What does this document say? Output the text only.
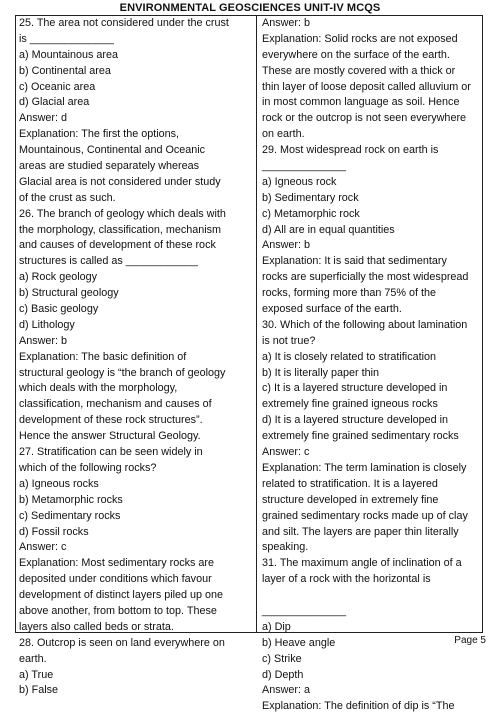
ENVIRONMENTAL GEOSCIENCES UNIT-IV MCQS
25. The area not considered under the crust
is ______________
a) Mountainous area
b) Continental area
c) Oceanic area
d) Glacial area
Answer: d
Explanation: The first the options,
Mountainous, Continental and Oceanic
areas are studied separately whereas
Glacial area is not considered under study
of the crust as such.
26. The branch of geology which deals with
the morphology, classification, mechanism
and causes of development of these rock
structures is called as ____________
a) Rock geology
b) Structural geology
c) Basic geology
d) Lithology
Answer: b
Explanation: The basic definition of
structural geology is “the branch of geology
which deals with the morphology,
classification, mechanism and causes of
development of these rock structures”.
Hence the answer Structural Geology.
27. Stratification can be seen widely in
which of the following rocks?
a) Igneous rocks
b) Metamorphic rocks
c) Sedimentary rocks
d) Fossil rocks
Answer: c
Explanation: Most sedimentary rocks are
deposited under conditions which favour
development of distinct layers piled up one
above another, from bottom to top. These
layers also called beds or strata.
28. Outcrop is seen on land everywhere on
earth.
a) True
b) False
Answer: b
Explanation: Solid rocks are not exposed
everywhere on the surface of the earth.
These are mostly covered with a thick or
thin layer of loose deposit called alluvium or
in most common language as soil. Hence
rock or the outcrop is not seen everywhere
on earth.
29. Most widespread rock on earth is
______________
a) Igneous rock
b) Sedimentary rock
c) Metamorphic rock
d) All are in equal quantities
Answer: b
Explanation: It is said that sedimentary
rocks are superficially the most widespread
rocks, forming more than 75% of the
exposed surface of the earth.
30. Which of the following about lamination
is not true?
a) It is closely related to stratification
b) It is literally paper thin
c) It is a layered structure developed in
extremely fine grained igneous rocks
d) It is a layered structure developed in
extremely fine grained sedimentary rocks
Answer: c
Explanation: The term lamination is closely
related to stratification. It is a layered
structure developed in extremely fine
grained sedimentary rocks made up of clay
and silt. The layers are paper thin literally
speaking.
31. The maximum angle of inclination of a
layer of a rock with the horizontal is
______________
a) Dip
b) Heave angle
c) Strike
d) Depth
Answer: a
Explanation: The definition of dip is “The
Page 5
